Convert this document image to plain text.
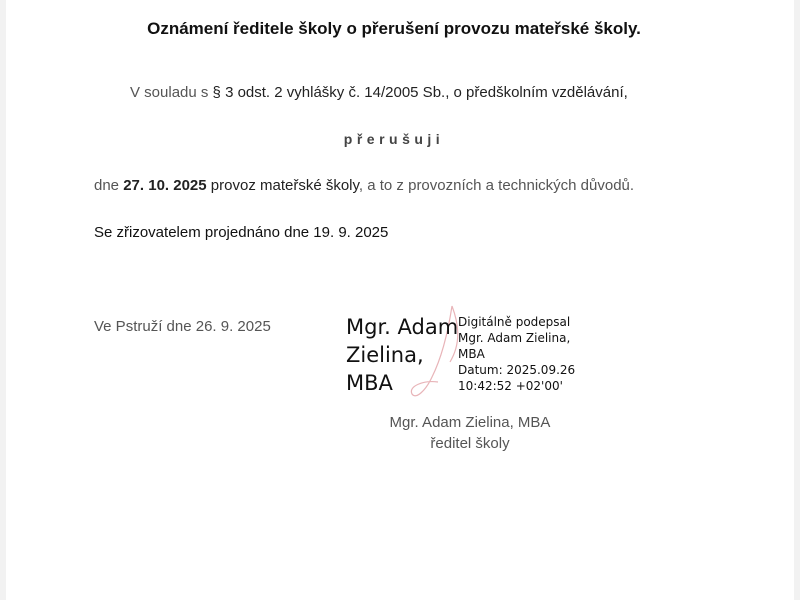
Oznámení ředitele školy o přerušení provozu mateřské školy.
V souladu s § 3 odst. 2 vyhlášky č. 14/2005 Sb., o předškolním vzdělávání,
přerušuji
dne 27. 10. 2025 provoz mateřské školy, a to z provozních a technických důvodů.
Se zřizovatelem projednáno dne 19. 9. 2025
Ve Pstruží dne 26. 9. 2025	Mgr. Adam
Zielina,
MBA
Digitálně podepsal
Mgr. Adam Zielina,
MBA
Datum: 2025.09.26
10:42:52 +02'00'
Mgr. Adam Zielina, MBA
ředitel školy
